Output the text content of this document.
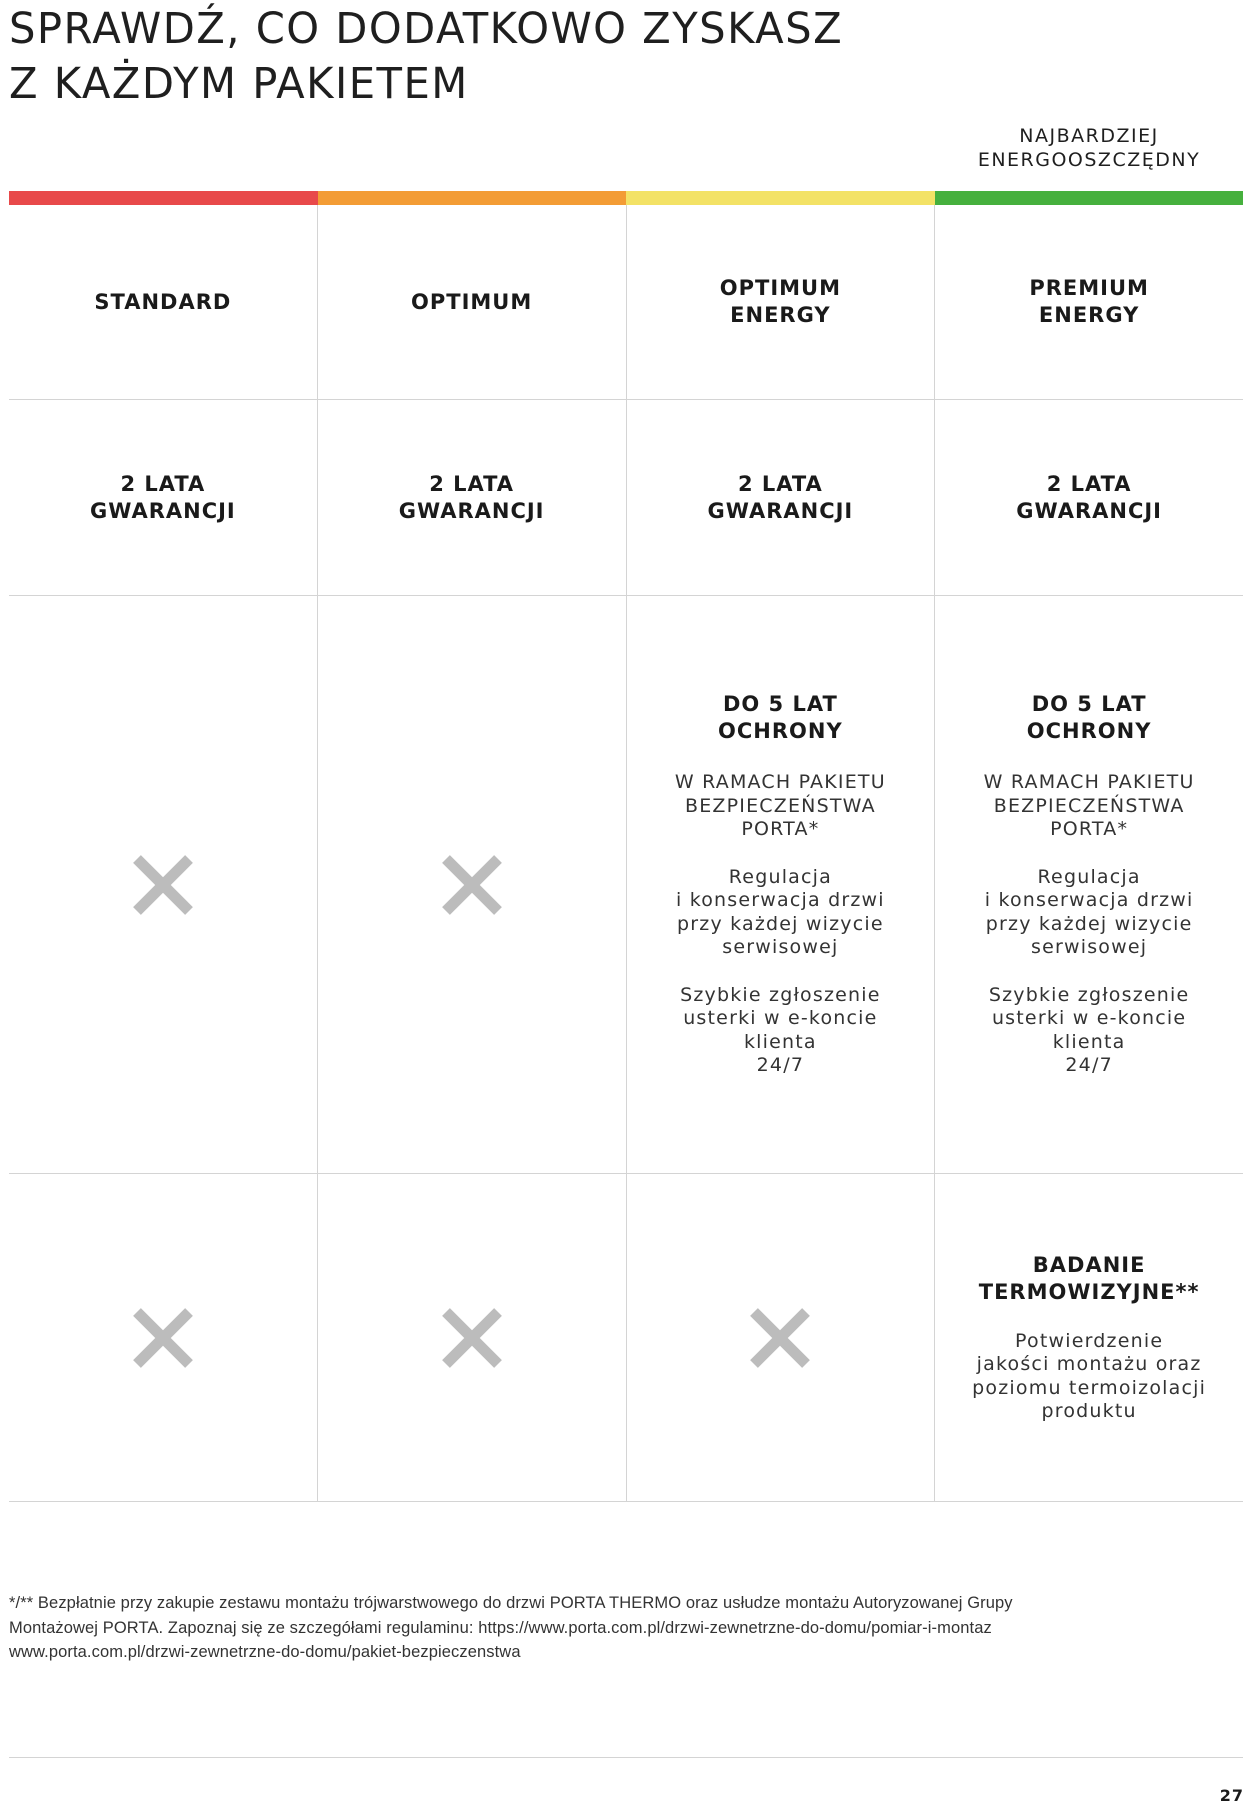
SPRAWDŹ, CO DODATKOWO ZYSKASZ
Z KAŻDYM PAKIETEM
NAJBARDZIEJ
ENERGOOSZCZĘDNY
STANDARD	OPTIMUM
OPTIMUM
ENERGY
PREMIUM
ENERGY
2 LATA
GWARANCJI
2 LATA
GWARANCJI
2 LATA
GWARANCJI
2 LATA
GWARANCJI
DO 5 LAT
OCHRONY
W RAMACH PAKIETU
BEZPIECZEŃSTWA
PORTA*
Regulacja
i konserwacja drzwi
przy każdej wizycie
serwisowej
Szybkie zgłoszenie
usterki w e-koncie
klienta
24/7
DO 5 LAT
OCHRONY
W RAMACH PAKIETU
BEZPIECZEŃSTWA
PORTA*
Regulacja
i konserwacja drzwi
przy każdej wizycie
serwisowej
Szybkie zgłoszenie
usterki w e-koncie
klienta
24/7
BADANIE
TERMOWIZYJNE**
Potwierdzenie
jakości montażu oraz
poziomu termoizolacji
produktu
*/** Bezpłatnie przy zakupie zestawu montażu trójwarstwowego do drzwi PORTA THERMO oraz usłudze montażu Autoryzowanej Grupy
Montażowej PORTA. Zapoznaj się ze szczegółami regulaminu: https://www.porta.com.pl/drzwi-zewnetrzne-do-domu/pomiar-i-montaz
www.porta.com.pl/drzwi-zewnetrzne-do-domu/pakiet-bezpieczenstwa
27
